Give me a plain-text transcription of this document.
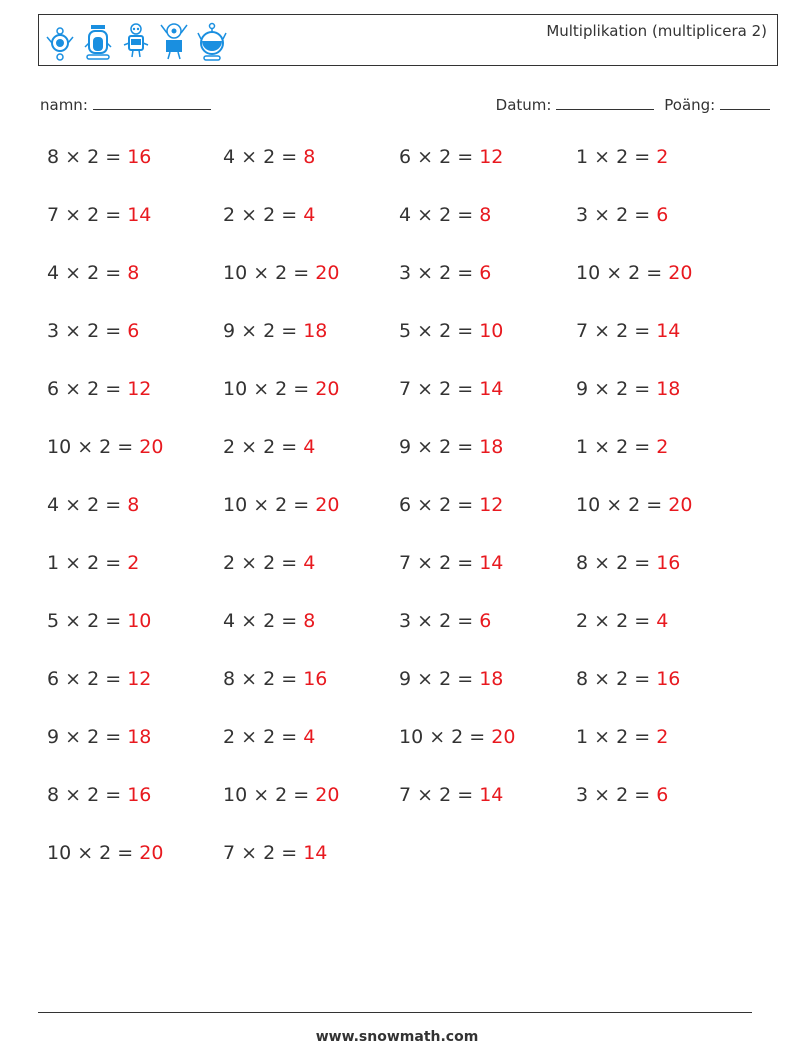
Multiplikation (multiplicera 2)
namn:	Datum:	Poäng:
8 × 2 = 16	4 × 2 = 8	6 × 2 = 12	1 × 2 = 2
7 × 2 = 14	2 × 2 = 4	4 × 2 = 8	3 × 2 = 6
4 × 2 = 8	10 × 2 = 20	3 × 2 = 6	10 × 2 = 20
3 × 2 = 6	9 × 2 = 18	5 × 2 = 10	7 × 2 = 14
6 × 2 = 12	10 × 2 = 20	7 × 2 = 14	9 × 2 = 18
10 × 2 = 20	2 × 2 = 4	9 × 2 = 18	1 × 2 = 2
4 × 2 = 8	10 × 2 = 20	6 × 2 = 12	10 × 2 = 20
1 × 2 = 2	2 × 2 = 4	7 × 2 = 14	8 × 2 = 16
5 × 2 = 10	4 × 2 = 8	3 × 2 = 6	2 × 2 = 4
6 × 2 = 12	8 × 2 = 16	9 × 2 = 18	8 × 2 = 16
9 × 2 = 18	2 × 2 = 4	10 × 2 = 20	1 × 2 = 2
8 × 2 = 16	10 × 2 = 20	7 × 2 = 14	3 × 2 = 6
10 × 2 = 20	7 × 2 = 14
www.snowmath.com
